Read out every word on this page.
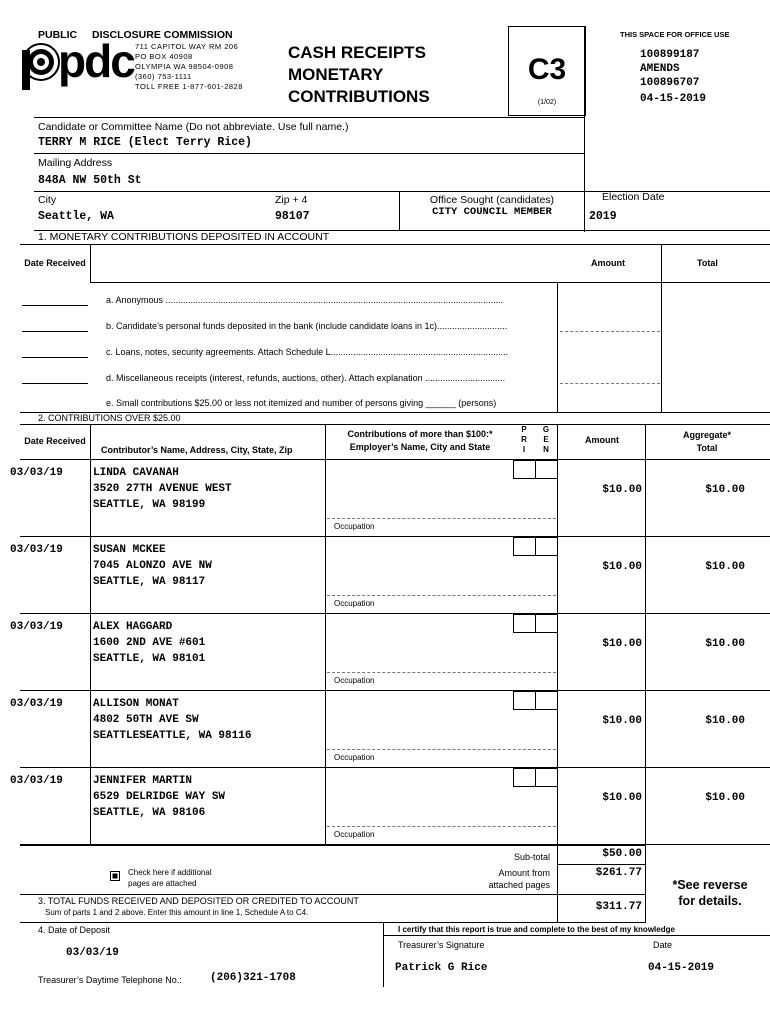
PUBLIC DISCLOSURE COMMISSION
pdc 711 CAPITOL WAY RM 206
PO BOX 40908
OLYMPIA WA 98504-0908
(360) 753-1111
TOLL FREE 1-877-601-2828
CASH RECEIPTS
MONETARY
CONTRIBUTIONS
C3
(1/02)
THIS SPACE FOR OFFICE USE
100899187
AMENDS
100896707
04-15-2019
Candidate or Committee Name (Do not abbreviate. Use full name.)
TERRY M RICE (Elect Terry Rice)
Mailing Address
848A NW 50th St
City
Seattle, WA
Zip + 4
98107
Office Sought (candidates)
CITY COUNCIL MEMBER
Election Date
2019
1. MONETARY CONTRIBUTIONS DEPOSITED IN ACCOUNT
Date Received	Amount	Total
a. Anonymous .......................................................................................................................................
b. Candidate’s personal funds deposited in the bank (include candidate loans in 1c)............................
c. Loans, notes, security agreements. Attach Schedule L.......................................................................
d. Miscellaneous receipts (interest, refunds, auctions, other). Attach explanation ................................
e. Small contributions $25.00 or less not itemized and number of persons giving ______ (persons)
2. CONTRIBUTIONS OVER $25.00
Date Received
Contributor’s Name, Address, City, State, Zip
Contributions of more than $100:*
Employer’s Name, City and State
P
R
I
G
E
N
Amount	Aggregate*
Total
03/03/19	LINDA CAVANAH
3520 27TH AVENUE WEST
SEATTLE, WA 98199
$10.00	$10.00
Occupation
03/03/19	SUSAN MCKEE
7045 ALONZO AVE NW
SEATTLE, WA 98117
$10.00	$10.00
Occupation
03/03/19	ALEX HAGGARD
1600 2ND AVE #601
SEATTLE, WA 98101
$10.00	$10.00
Occupation
03/03/19	ALLISON MONAT
4802 50TH AVE SW
SEATTLESEATTLE, WA 98116
$10.00	$10.00
Occupation
03/03/19	JENNIFER MARTIN
6529 DELRIDGE WAY SW
SEATTLE, WA 98106
$10.00	$10.00
Occupation
Check here if additional
pages are attached
Sub-total	$50.00
Amount from
attached pages
$261.77
*See reverse
for details.
3. TOTAL FUNDS RECEIVED AND DEPOSITED OR CREDITED TO ACCOUNT
Sum of parts 1 and 2 above. Enter this amount in line 1, Schedule A to C4.	$311.77
4. Date of Deposit
03/03/19
Treasurer’s Daytime Telephone No.:	(206)321-1708
I certify that this report is true and complete to the best of my knowledge
Treasurer’s Signature
Patrick G Rice
Date
04-15-2019
